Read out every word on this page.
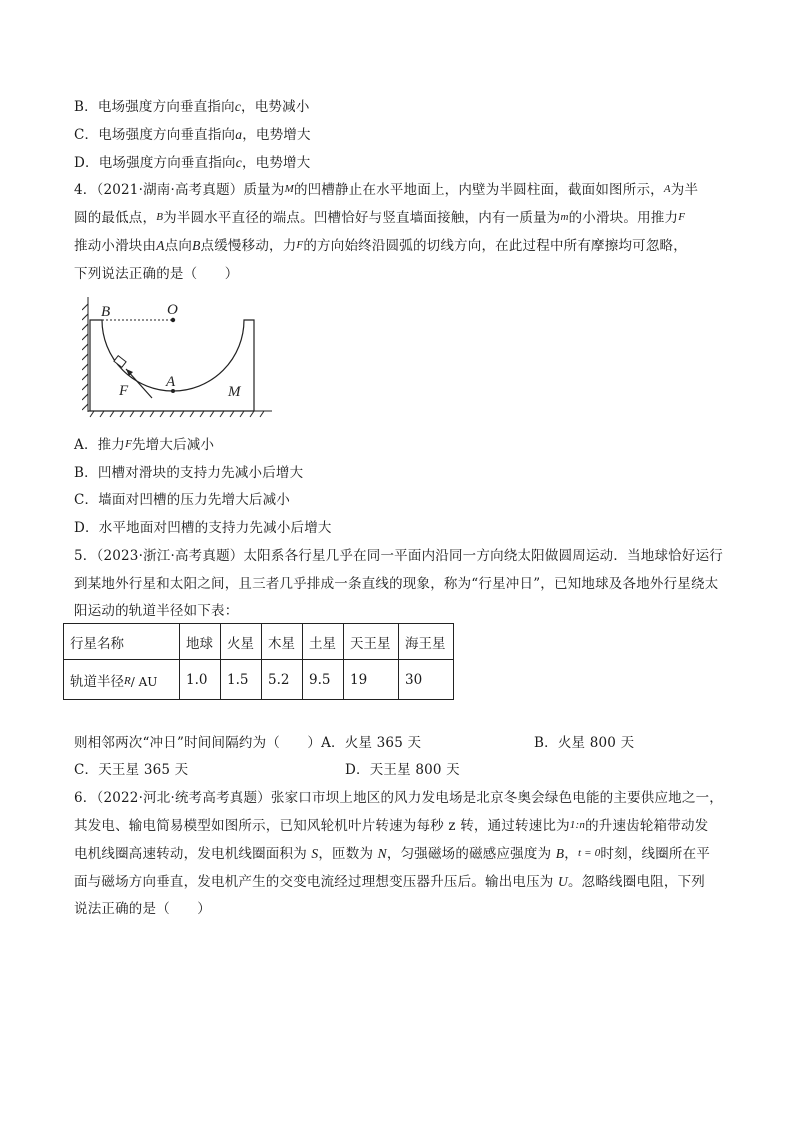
B．电场强度方向垂直指向c，电势减小
C．电场强度方向垂直指向a，电势增大
D．电场强度方向垂直指向c，电势增大
4．（2021·湖南·高考真题）质量为M的凹槽静止在水平地面上，内壁为半圆柱面，截面如图所示，A为半
圆的最低点，B为半圆水平直径的端点。凹槽恰好与竖直墙面接触，内有一质量为m的小滑块。用推力F
推动小滑块由A点向B点缓慢移动，力F的方向始终沿圆弧的切线方向，在此过程中所有摩擦均可忽略，
下列说法正确的是（　　）
B	O
A
F	M
A．推力F先增大后减小
B．凹槽对滑块的支持力先减小后增大
C．墙面对凹槽的压力先增大后减小
D．水平地面对凹槽的支持力先减小后增大
5．（2023·浙江·高考真题）太阳系各行星几乎在同一平面内沿同一方向绕太阳做圆周运动．当地球恰好运行
到某地外行星和太阳之间，且三者几乎排成一条直线的现象，称为“行星冲日”，已知地球及各地外行星绕太
阳运动的轨道半径如下表：
行星名称	地球	火星	木星	土星	天王星	海王星
轨道半径R/ AU	1.0	1.5	5.2	9.5	19	30
则相邻两次“冲日”时间间隔约为（　　）A．火星 365 天	B．火星 800 天
C．天王星 365 天	D．天王星 800 天
6．（2022·河北·统考高考真题）张家口市坝上地区的风力发电场是北京冬奥会绿色电能的主要供应地之一，
其发电、输电简易模型如图所示，已知风轮机叶片转速为每秒 z 转，通过转速比为1:n的升速齿轮箱带动发
电机线圈高速转动，发电机线圈面积为 S，匝数为 N，匀强磁场的磁感应强度为 B，t = 0时刻，线圈所在平
面与磁场方向垂直，发电机产生的交变电流经过理想变压器升压后。输出电压为 U。忽略线圈电阻，下列
说法正确的是（　　）
